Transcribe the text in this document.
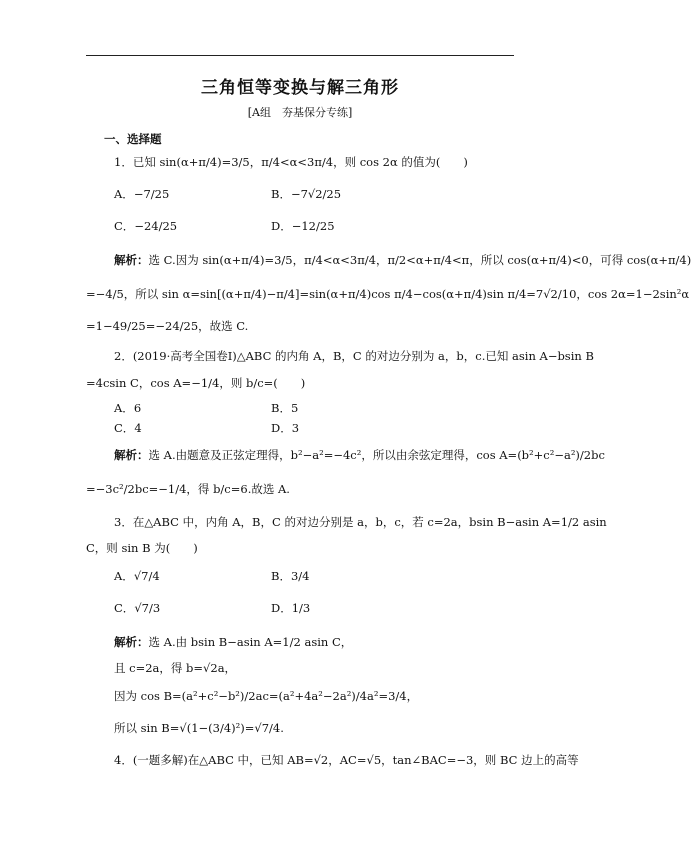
三角恒等变换与解三角形
[A组　夯基保分专练]
一、选择题
1．已知 sin(α+π/4)=3/5，π/4<α<3π/4，则 cos 2α 的值为(　　)
A．−7/25	B．−7√2/25
C．−24/25	D．−12/25
解析：选 C.因为 sin(α+π/4)=3/5，π/4<α<3π/4，π/2<α+π/4<π，所以 cos(α+π/4)<0，可得 cos(α+π/4)
=−4/5，所以 sin α=sin[(α+π/4)−π/4]=sin(α+π/4)cos π/4−cos(α+π/4)sin π/4=7√2/10，cos 2α=1−2sin²α
=1−49/25=−24/25，故选 C.
2．(2019·高考全国卷Ⅰ)△ABC 的内角 A，B，C 的对边分别为 a，b，c.已知 asin A−bsin B
=4csin C，cos A=−1/4，则 b/c=(　　)
A．6	B．5
C．4	D．3
解析：选 A.由题意及正弦定理得，b²−a²=−4c²，所以由余弦定理得，cos A=(b²+c²−a²)/2bc
=−3c²/2bc=−1/4，得 b/c=6.故选 A.
3．在△ABC 中，内角 A，B，C 的对边分别是 a，b，c，若 c=2a，bsin B−asin A=1/2 asin
C，则 sin B 为(　　)
A．√7/4	B．3/4
C．√7/3	D．1/3
解析：选 A.由 bsin B−asin A=1/2 asin C，
且 c=2a，得 b=√2a，
因为 cos B=(a²+c²−b²)/2ac=(a²+4a²−2a²)/4a²=3/4，
所以 sin B=√(1−(3/4)²)=√7/4.
4．(一题多解)在△ABC 中，已知 AB=√2，AC=√5，tan∠BAC=−3，则 BC 边上的高等
